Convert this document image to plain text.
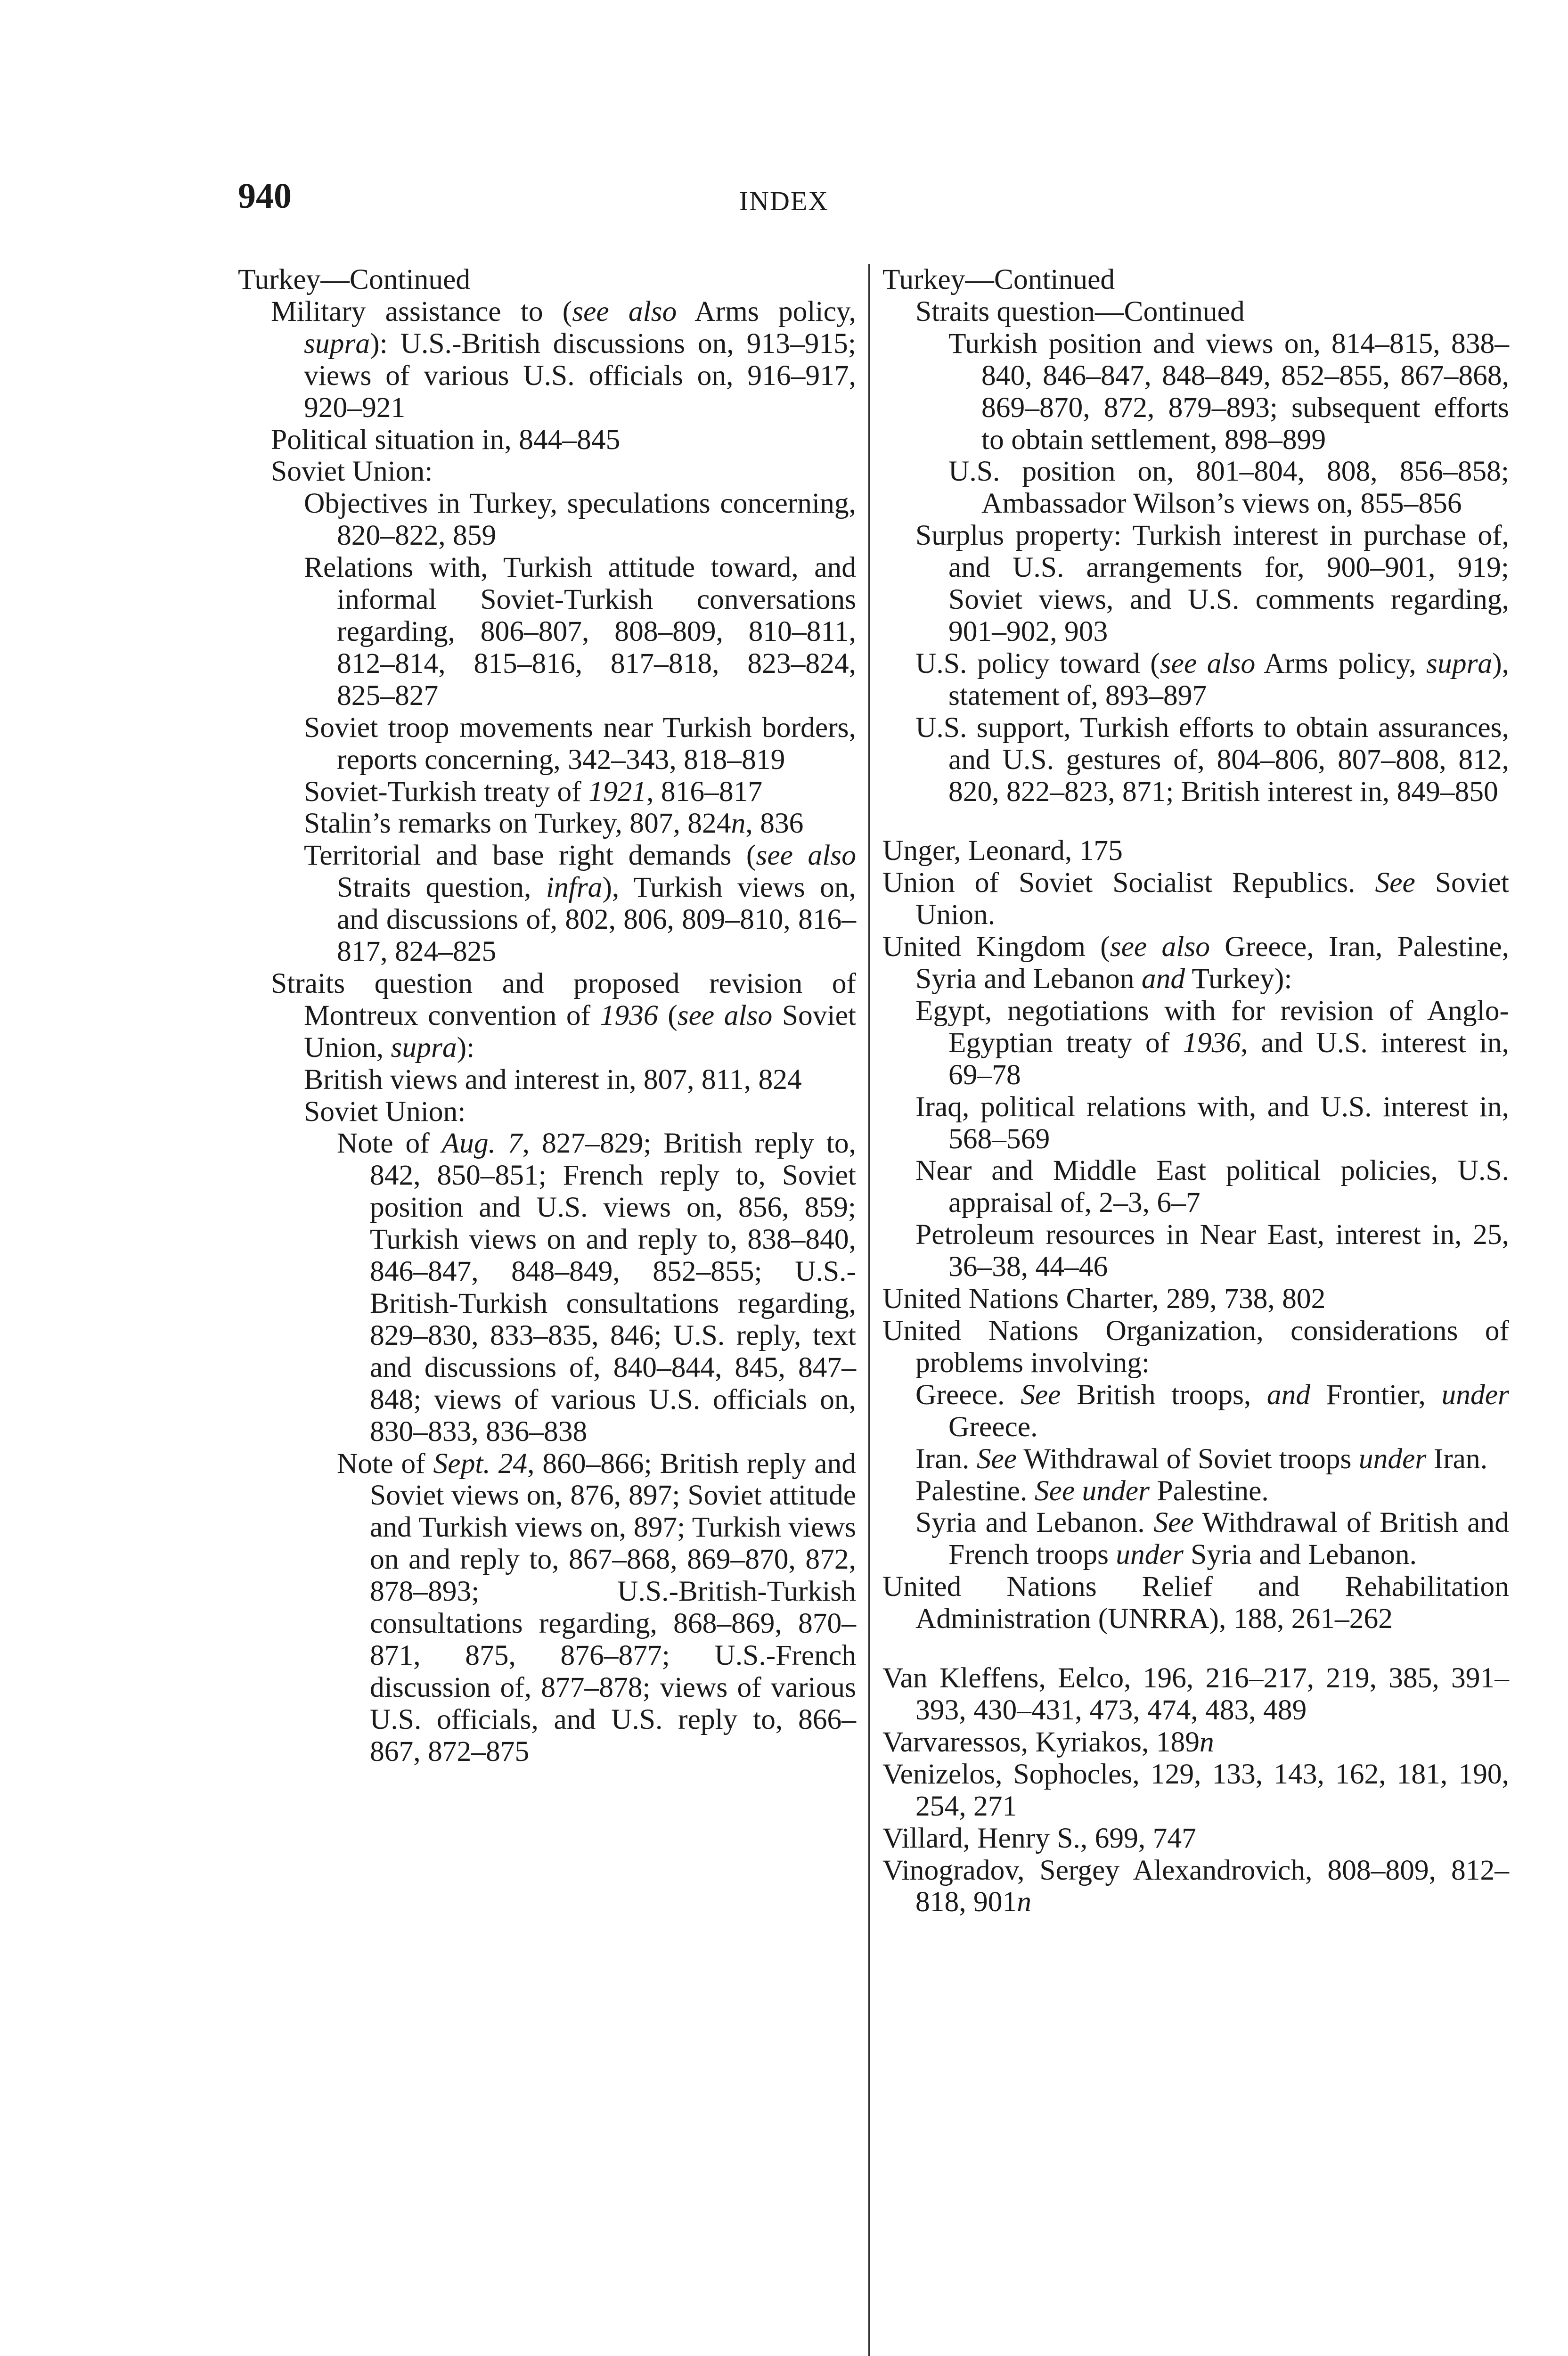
940	INDEX

Turkey—Continued

Military assistance to (see also Arms policy, supra): U.S.-British discussions on, 913–915; views of various U.S. officials on, 916–917, 920–921

Political situation in, 844–845

Soviet Union:

Objectives in Turkey, speculations concerning, 820–822, 859

Relations with, Turkish attitude toward, and informal Soviet-Turkish conversations regarding, 806–807, 808–809, 810–811, 812–814, 815–816, 817–818, 823–824, 825–827

Soviet troop movements near Turkish borders, reports concerning, 342–343, 818–819

Soviet-Turkish treaty of 1921, 816–817

Stalin’s remarks on Turkey, 807, 824n, 836

Territorial and base right demands (see also Straits question, infra), Turkish views on, and discussions of, 802, 806, 809–810, 816–817, 824–825

Straits question and proposed revision of Montreux convention of 1936 (see also Soviet Union, supra):

British views and interest in, 807, 811, 824

Soviet Union:

Note of Aug. 7, 827–829; British reply to, 842, 850–851; French reply to, Soviet position and U.S. views on, 856, 859; Turkish views on and reply to, 838–840, 846–847, 848–849, 852–855; U.S.-British-Turkish consultations regarding, 829–830, 833–835, 846; U.S. reply, text and discussions of, 840–844, 845, 847–848; views of various U.S. officials on, 830–833, 836–838

Note of Sept. 24, 860–866; British reply and Soviet views on, 876, 897; Soviet attitude and Turkish views on, 897; Turkish views on and reply to, 867–868, 869–870, 872, 878–893; U.S.-British-Turkish consultations regarding, 868–869, 870–871, 875, 876–877; U.S.-French discussion of, 877–878; views of various U.S. officials, and U.S. reply to, 866–867, 872–875

Turkey—Continued

Straits question—Continued

Turkish position and views on, 814–815, 838–840, 846–847, 848–849, 852–855, 867–868, 869–870, 872, 879–893; subsequent efforts to obtain settlement, 898–899

U.S. position on, 801–804, 808, 856–858; Ambassador Wilson’s views on, 855–856

Surplus property: Turkish interest in purchase of, and U.S. arrangements for, 900–901, 919; Soviet views, and U.S. comments regarding, 901–902, 903

U.S. policy toward (see also Arms policy, supra), statement of, 893–897

U.S. support, Turkish efforts to obtain assurances, and U.S. gestures of, 804–806, 807–808, 812, 820, 822–823, 871; British interest in, 849–850

Unger, Leonard, 175

Union of Soviet Socialist Republics. See Soviet Union.

United Kingdom (see also Greece, Iran, Palestine, Syria and Lebanon and Turkey):

Egypt, negotiations with for revision of Anglo-Egyptian treaty of 1936, and U.S. interest in, 69–78

Iraq, political relations with, and U.S. interest in, 568–569

Near and Middle East political policies, U.S. appraisal of, 2–3, 6–7

Petroleum resources in Near East, interest in, 25, 36–38, 44–46

United Nations Charter, 289, 738, 802

United Nations Organization, considerations of problems involving:

Greece. See British troops, and Frontier, under Greece.

Iran. See Withdrawal of Soviet troops under Iran.

Palestine. See under Palestine.

Syria and Lebanon. See Withdrawal of British and French troops under Syria and Lebanon.

United Nations Relief and Rehabilitation Administration (UNRRA), 188, 261–262

Van Kleffens, Eelco, 196, 216–217, 219, 385, 391–393, 430–431, 473, 474, 483, 489

Varvaressos, Kyriakos, 189n

Venizelos, Sophocles, 129, 133, 143, 162, 181, 190, 254, 271

Villard, Henry S., 699, 747

Vinogradov, Sergey Alexandrovich, 808–809, 812–818, 901n
